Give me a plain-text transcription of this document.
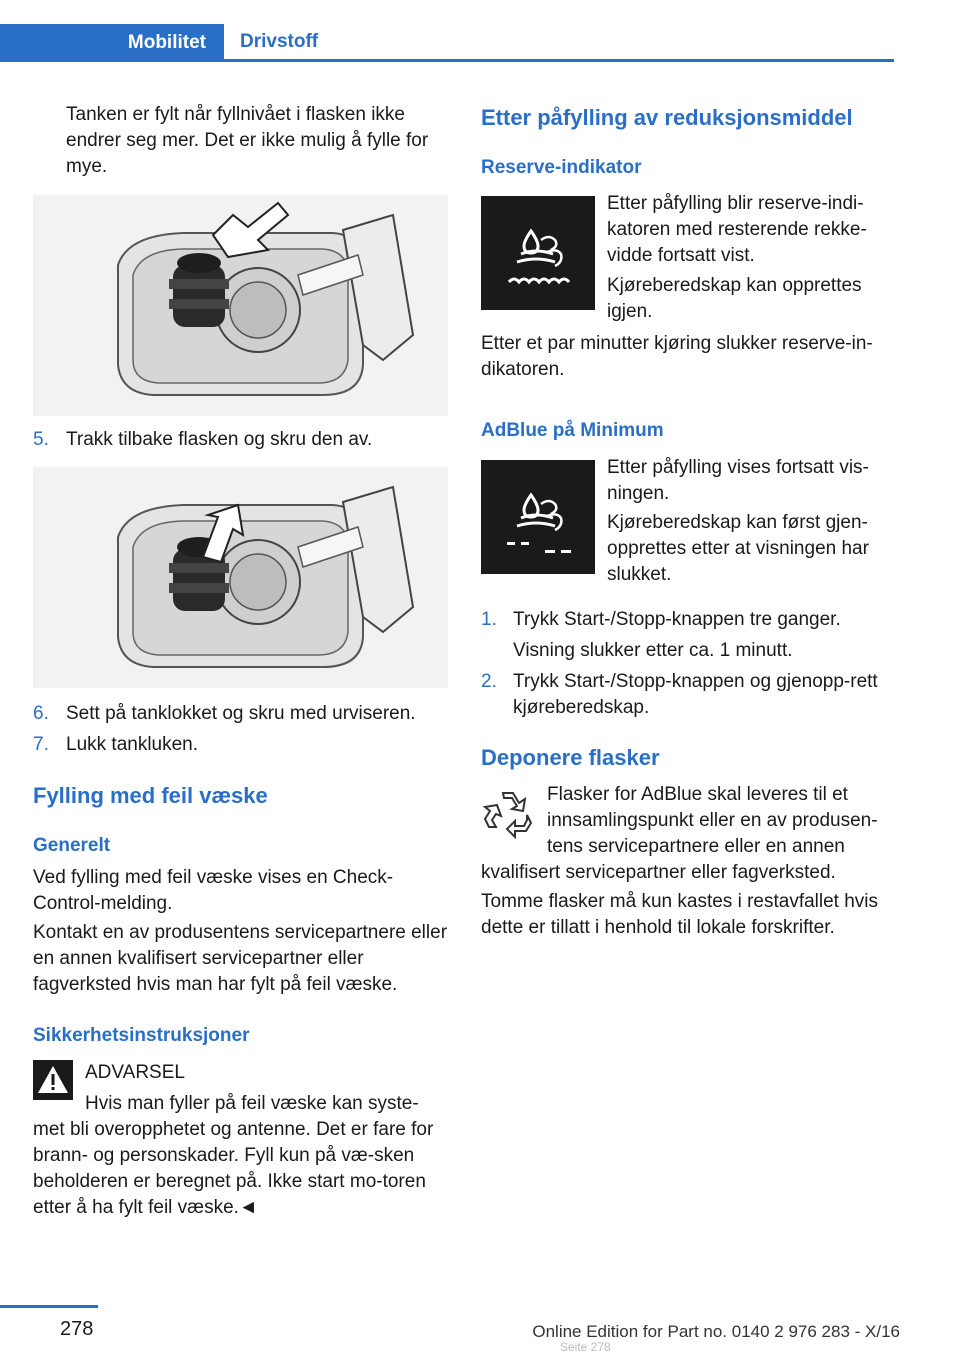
Mobilitet	Drivstoff
Tanken er fylt når fyllnivået i flasken ikke endrer seg mer. Det er ikke mulig å fylle for mye.
5. Trakk tilbake flasken og skru den av.
6. Sett på tanklokket og skru med urviseren.
7. Lukk tankluken.
Fylling med feil væske
Generelt
Ved fylling med feil væske vises en Check-Control-melding.
Kontakt en av produsentens servicepartnere eller en annen kvalifisert servicepartner eller fagverksted hvis man har fylt på feil væske.
Sikkerhetsinstruksjoner
ADVARSEL
Hvis man fyller på feil væske kan syste-
met bli overopphetet og antenne. Det er fare for brann- og personskader. Fyll kun på væ-sken beholderen er beregnet på. Ikke start mo-toren etter å ha fylt feil væske.◄
Etter påfylling av reduksjonsmiddel
Reserve-indikator
Etter påfylling blir reserve-indi-katoren med resterende rekke-vidde fortsatt vist.
Kjøreberedskap kan opprettes igjen.
Etter et par minutter kjøring slukker reserve-in-dikatoren.
AdBlue på Minimum
Etter påfylling vises fortsatt vis-ningen.
Kjøreberedskap kan først gjen-opprettes etter at visningen har slukket.
1. Trykk Start-/Stopp-knappen tre ganger.
Visning slukker etter ca. 1 minutt.
2. Trykk Start-/Stopp-knappen og gjenopp-rett kjøreberedskap.
Deponere flasker
Flasker for AdBlue skal leveres til et innsamlingspunkt eller en av produsen-tens servicepartnere eller en annen
kvalifisert servicepartner eller fagverksted.
Tomme flasker må kun kastes i restavfallet hvis dette er tillatt i henhold til lokale forskrifter.
278	Online Edition for Part no. 0140 2 976 283 - X/16
Seite 278
